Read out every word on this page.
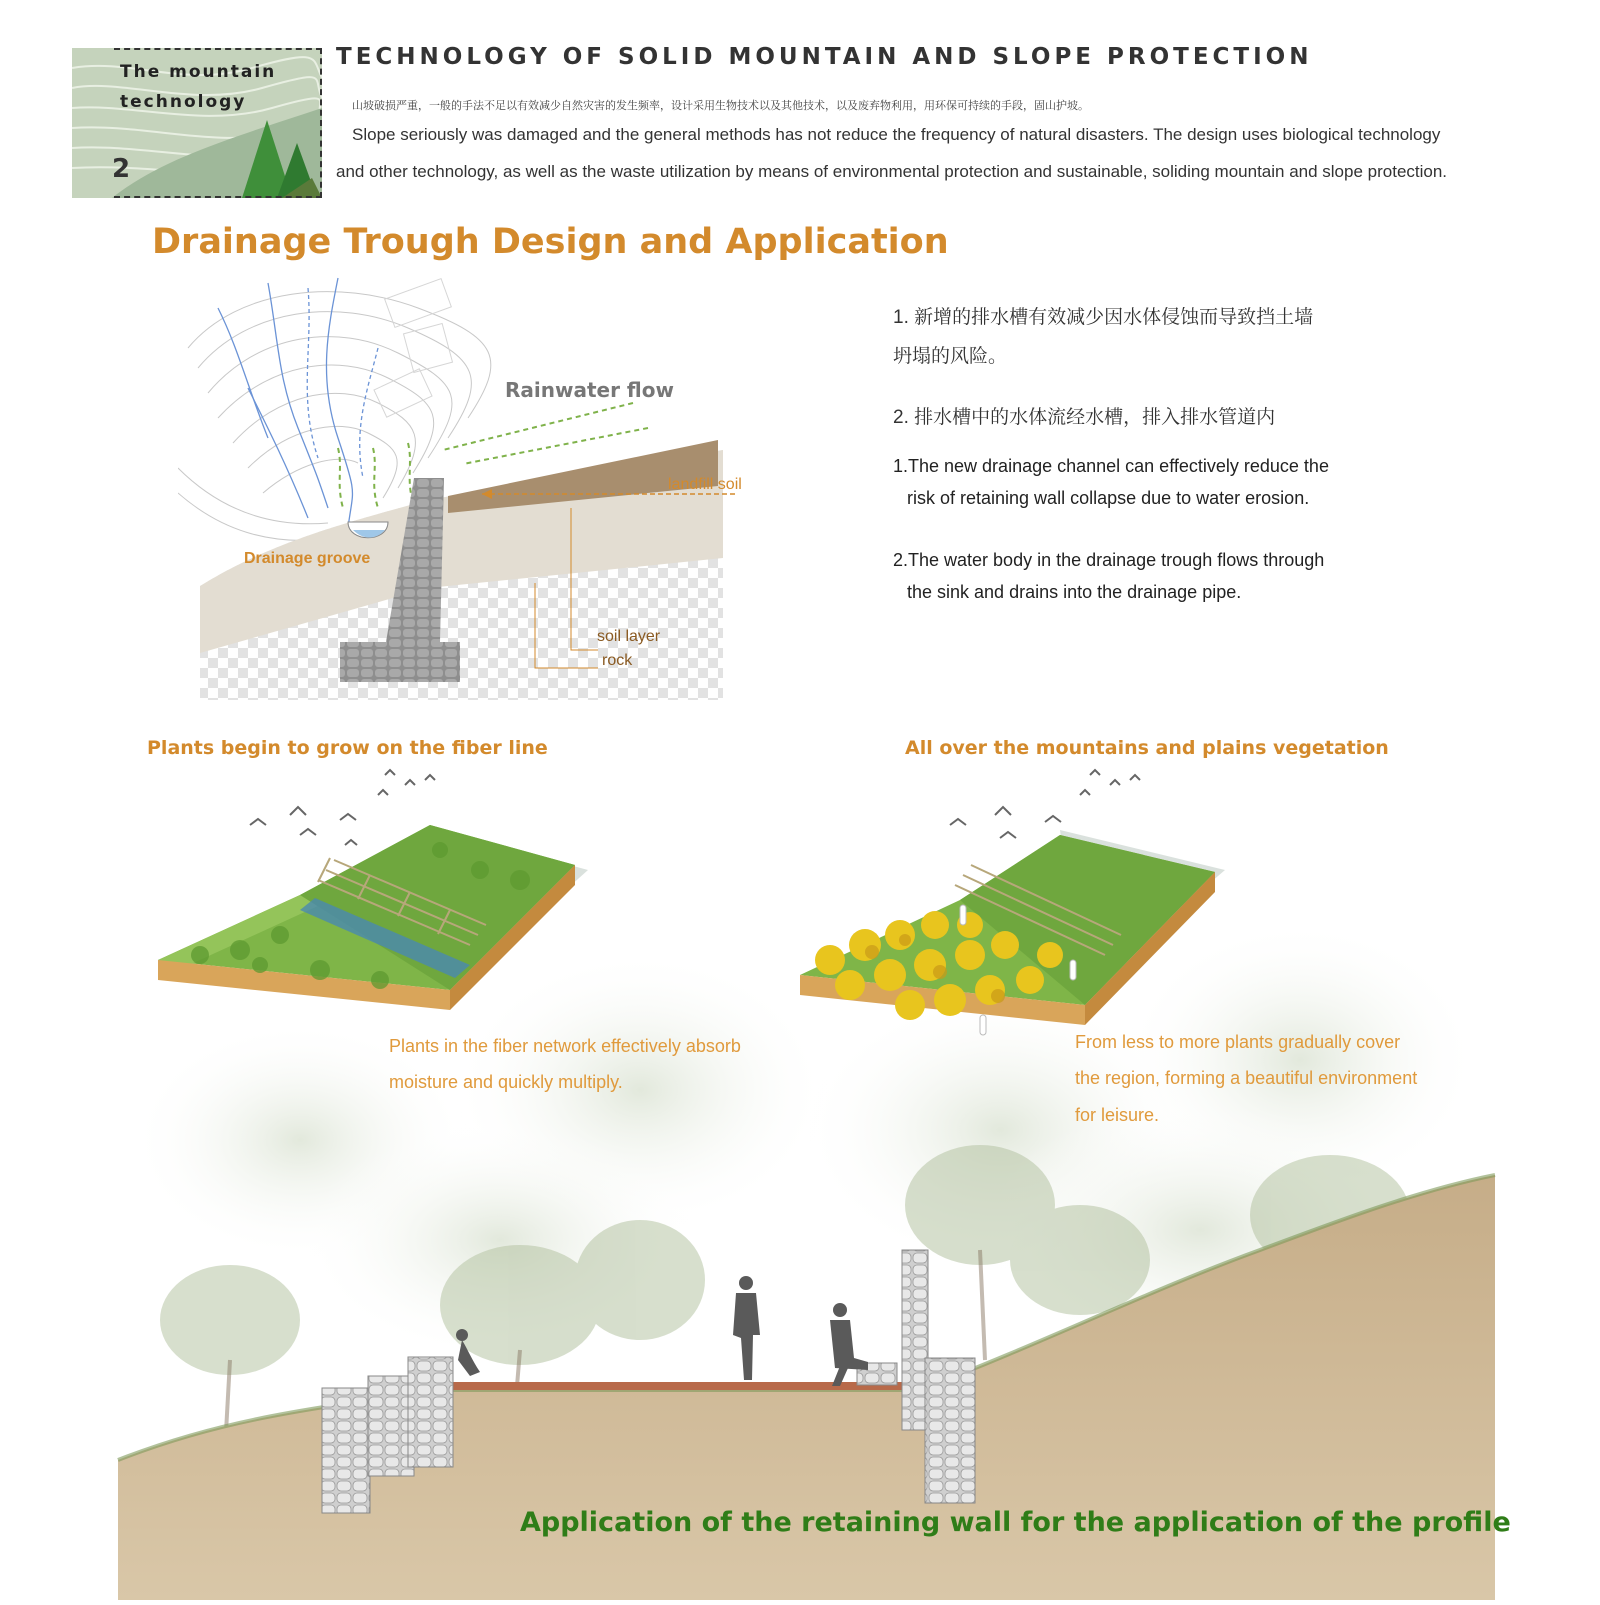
The mountain
technology
2
TECHNOLOGY OF SOLID MOUNTAIN AND SLOPE PROTECTION
山坡破损严重，一般的手法不足以有效减少自然灾害的发生频率，设计采用生物技术以及其他技术，以及废弃物利用，用环保可持续的手段，固山护坡。
Slope seriously was damaged and the general methods has not reduce the frequency of natural disasters. The design uses biological technology
and other technology, as well as the waste utilization by means of environmental protection and sustainable, soliding mountain and slope protection.
Drainage Trough Design and Application
Rainwater flow
landfill soil
Drainage groove
soil layer
rock
1. 新增的排水槽有效减少因水体侵蚀而导致挡土墙
坍塌的风险。
2. 排水槽中的水体流经水槽，排入排水管道内
1.The new drainage channel can effectively reduce the
risk of retaining wall collapse due to water erosion.
2.The water body in the drainage trough flows through
the sink and drains into the drainage pipe.
Plants begin to grow on the fiber line	All over the mountains and plains vegetation
Plants in the fiber network effectively absorb
moisture and quickly multiply.
From less to more plants gradually cover
the region, forming a beautiful environment
for leisure.
Application of the retaining wall for the application of the profile
